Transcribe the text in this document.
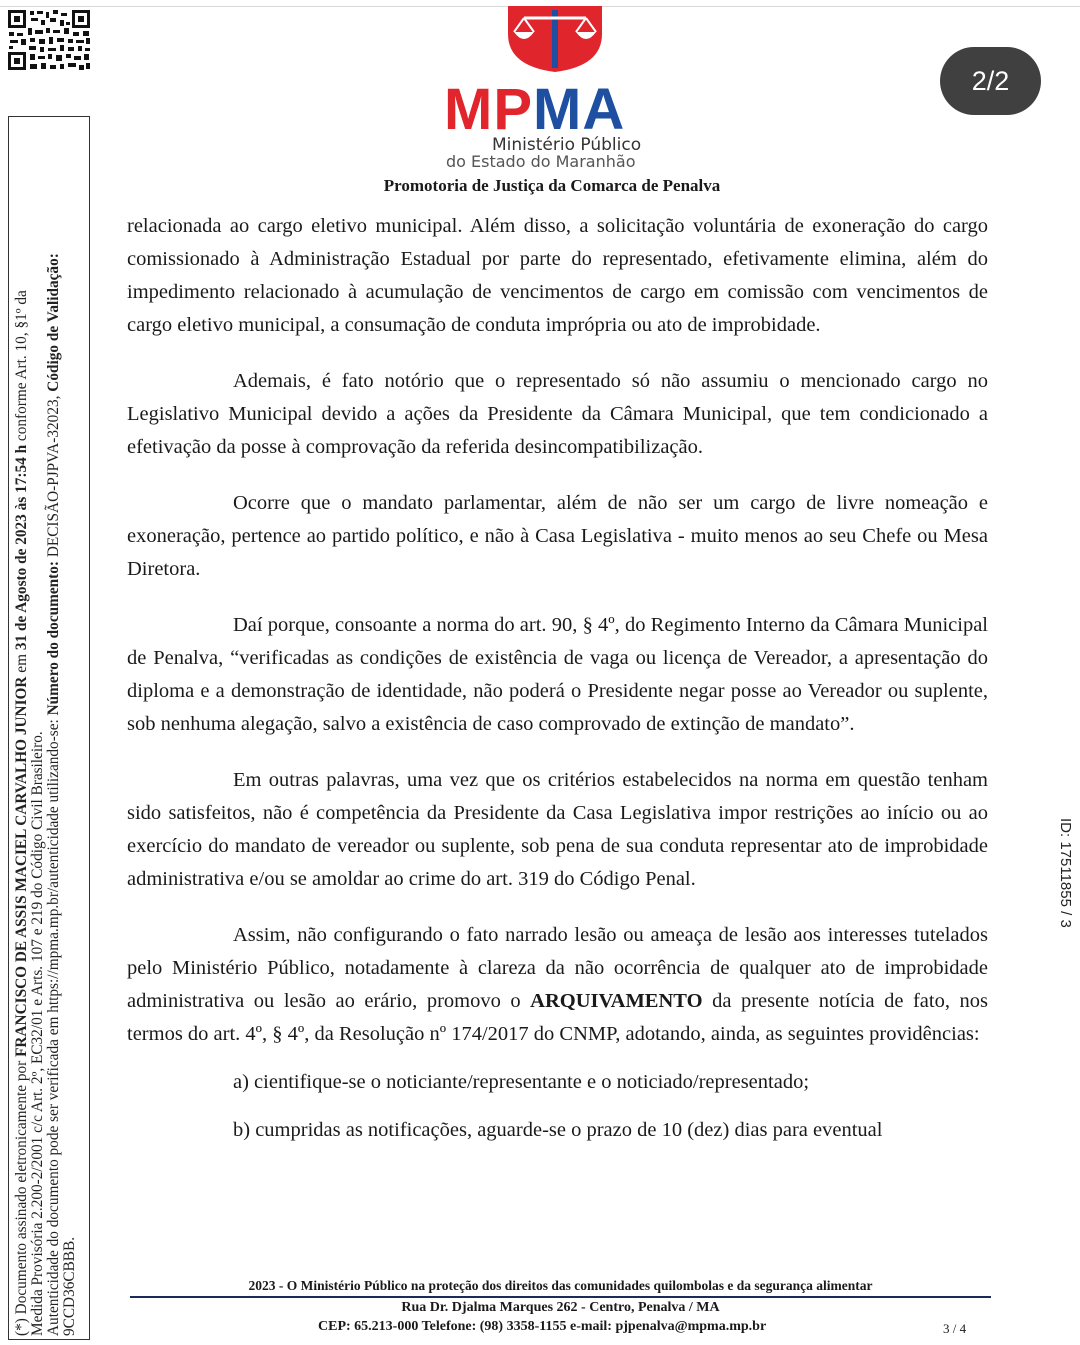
(*) Documento assinado eletronicamente por FRANCISCO DE ASSIS MACIEL CARVALHO JUNIOR em 31 de Agosto de 2023 às 17:54 h conforme Art. 10, §1º da
Medida Provisória 2.200-2/2001 c/c Art. 2º, EC32/01 e Arts. 107 e 219 do Código Civil Brasileiro. Autenticidade do documento pode ser verificada em https://mpma.mp.br/autenticidade utilizando-se: Número do documento: DECISÃO-PJPVA-32023, Código de Validação:
9CCD36CBBB.
MPMA
Ministério Público
do Estado do Maranhão
Promotoria de Justiça da Comarca de Penalva
2/2
ID: 17511855 / 3

relacionada ao cargo eletivo municipal. Além disso, a solicitação voluntária de exoneração do cargo comissionado à Administração Estadual por parte do representado, efetivamente elimina, além do impedimento relacionado à acumulação de vencimentos de cargo em comissão com vencimentos de cargo eletivo municipal, a consumação de conduta imprópria ou ato de improbidade.

Ademais, é fato notório que o representado só não assumiu o mencionado cargo no Legislativo Municipal devido a ações da Presidente da Câmara Municipal, que tem condicionado a efetivação da posse à comprovação da referida desincompatibilização.

Ocorre que o mandato parlamentar, além de não ser um cargo de livre nomeação e exoneração, pertence ao partido político, e não à Casa Legislativa - muito menos ao seu Chefe ou Mesa Diretora.

Daí porque, consoante a norma do art. 90, § 4º, do Regimento Interno da Câmara Municipal de Penalva, “verificadas as condições de existência de vaga ou licença de Vereador, a apresentação do diploma e a demonstração de identidade, não poderá o Presidente negar posse ao Vereador ou suplente, sob nenhuma alegação, salvo a existência de caso comprovado de extinção de mandato”.

Em outras palavras, uma vez que os critérios estabelecidos na norma em questão tenham sido satisfeitos, não é competência da Presidente da Casa Legislativa impor restrições ao início ou ao exercício do mandato de vereador ou suplente, sob pena de sua conduta representar ato de improbidade administrativa e/ou se amoldar ao crime do art. 319 do Código Penal.

Assim, não configurando o fato narrado lesão ou ameaça de lesão aos interesses tutelados pelo Ministério Público, notadamente à clareza da não ocorrência de qualquer ato de improbidade administrativa ou lesão ao erário, promovo o ARQUIVAMENTO da presente notícia de fato, nos termos do art. 4º, § 4º, da Resolução nº 174/2017 do CNMP, adotando, ainda, as seguintes providências:

a) cientifique-se o noticiante/representante e o noticiado/representado;

b) cumpridas as notificações, aguarde-se o prazo de 10 (dez) dias para eventual

2023 - O Ministério Público na proteção dos direitos das comunidades quilombolas e da segurança alimentar
Rua Dr. Djalma Marques 262 - Centro, Penalva / MA
CEP: 65.213-000 Telefone: (98) 3358-1155 e-mail: pjpenalva@mpma.mp.br	3 / 4
